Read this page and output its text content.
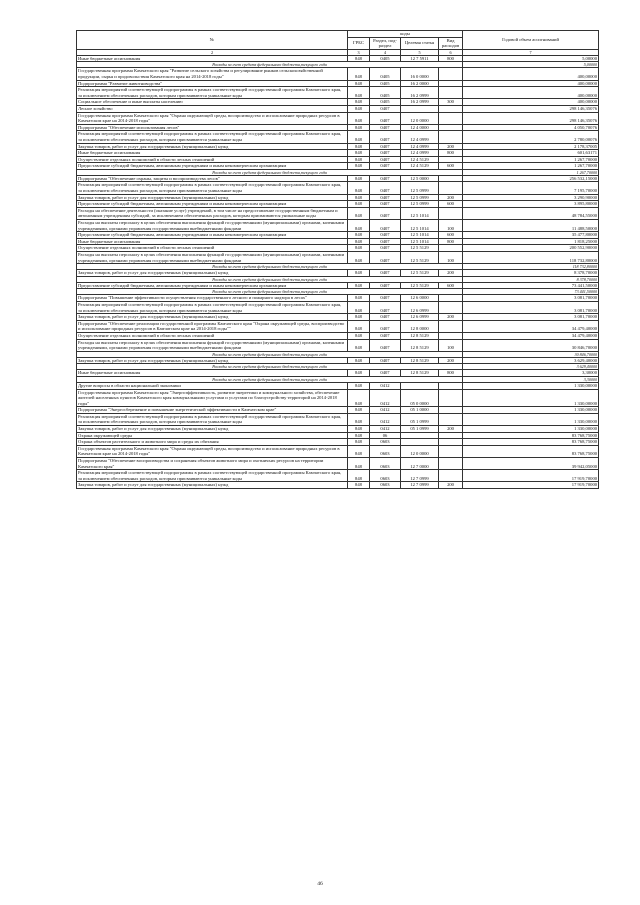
№	коды				Годовой объем ассигнований
	ГРБС	Раздел, под-раздел	Целевая статья	Вид расходов	
2	3	4	5	6	7
Иные бюджетные ассигнования	848	0405	12 7 5911	800	5,00000
Расходы за счет средств федерального бюджета,текущего года					5,00000
Государственная программа Камчатского края "Развитие сельского хозяйства и регулирование рынков сельскохозяйственной продукции, сырья и продовольствия Камчатского края на 2014-2018 годы"	848	0405	16 0 0000		400,00000
Подпрограмма "Развитие животноводства"	848	0405	16 2 0000		400,00000
Реализация мероприятий соответствующей подпрограммы в рамках соответствующей государственной программы Камчатского края, за исключением обеспеченных расходов, которым присваиваются уникальные коды	848	0405	16 2 0999		400,00000
Социальное обеспечение и иные выплаты населению	848	0405	16 2 0999	300	400,00000
Лесное хозяйство	848	0407			298 146,35076
Государственная программа Камчатского края "Охрана окружающей среды, воспроизводство и использование природных ресурсов в Камчатском крае на 2014-2018 годы"	848	0407	12 0 0000		298 146,35076
Подпрограмма "Обеспечение использования лесов"	848	0407	12 4 0000		4 050,70076
Реализация мероприятий соответствующей подпрограммы в рамках соответствующей государственной программы Камчатского края, за исключением обеспеченных расходов, которым присваиваются уникальные коды	848	0407	12 4 0999		2 780,00076
Закупка товаров, работ и услуг для государственных (муниципальных) нужд	848	0407	12 4 0999	200	2 178,37005
Иные бюджетные ассигнования	848	0407	12 4 0999	800	601,63171
Осуществление отдельных полномочий в области лесных отношений	848	0407	12 4 5129		1 267,70000
Предоставление субсидий бюджетным, автономным учреждениям и иным некоммерческим организациям	848	0407	12 4 5129	600	1 267,70000
Расходы за счет средств федерального бюджета,текущего года					1 267,70000
Подпрограмма "Обеспечение охраны, защиты и воспроизводства лесов"	848	0407	12 5 0000		256 532,15000
Реализация мероприятий соответствующей подпрограммы в рамках соответствующей государственной программы Камчатского края, за исключением обеспеченных расходов, которым присваиваются уникальные коды	848	0407	12 5 0999		7 195,70000
Закупка товаров, работ и услуг для государственных (муниципальных) нужд	848	0407	12 5 0999	200	3 290,90000
Предоставление субсидий бюджетным, автономным учреждениям и иным некоммерческим организациям	848	0407	12 5 0999	600	3 895,80000
Расходы на обеспечение деятельности (оказание услуг) учреждений, в том числе на предоставление государственным бюджетным и автономным учреждениям субсидий, за исключением обеспеченных расходов, которым присваиваются уникальные коды	848	0407	12 5 1014		48 784,55000
Расходы на выплаты персоналу в целях обеспечения выполнения функций государственными (муниципальными) органами, казенными учреждениями, органами управления государственными внебюджетными фондами	848	0407	12 5 1014	100	11 488,50000
Предоставление субсидий бюджетным, автономным учреждениям и иным некоммерческим организациям	848	0407	12 5 1014	600	35 477,80000
Иные бюджетные ассигнования	848	0407	12 5 1014	800	1 818,25000
Осуществление отдельных полномочий в области лесных отношений	848	0407	12 5 5129		200 552,90000
Расходы на выплаты персоналу в целях обеспечения выполнения функций государственными (муниципальными) органами, казенными учреждениями, органами управления государственными внебюджетными фондами	848	0407	12 5 5129	100	118 732,80000
Расходы за счет средств федерального бюджета,текущего года					118 732,80000
Закупка товаров, работ и услуг для государственных (муниципальных) нужд	848	0407	12 5 5129	200	8 378,70000
Расходы за счет средств федерального бюджета,текущего года					8 378,70000
Предоставление субсидий бюджетным, автономным учреждениям и иным некоммерческим организациям	848	0407	12 5 5129	600	73 441,50000
Расходы за счет средств федерального бюджета,текущего года					73 441,50000
Подпрограмма "Повышение эффективности осуществления государственного лесного и пожарного надзора в лесах"	848	0407	12 6 0000		3 081,70000
Реализация мероприятий соответствующей подпрограммы в рамках соответствующей государственной программы Камчатского края, за исключением обеспеченных расходов, которым присваиваются уникальные коды	848	0407	12 6 0999		3 081,70000
Закупка товаров, работ и услуг для государственных (муниципальных) нужд	848	0407	12 6 0999	200	3 081,70000
Подпрограмма "Обеспечение реализации государственной программы Камчатского края "Охрана окружающей среды, воспроизводство и использование природных ресурсов в Камчатском крае на 2014-2018 годы""	848	0407	12 8 0000		34 479,40000
Осуществление отдельных полномочий в области лесных отношений	848	0407	12 8 5129		34 479,40000
Расходы на выплаты персоналу в целях обеспечения выполнения функций государственными (муниципальными) органами, казенными учреждениями, органами управления государственными внебюджетными фондами	848	0407	12 8 5129	100	30 846,70000
Расходы за счет средств федерального бюджета,текущего года					30 846,70000
Закупка товаров, работ и услуг для государственных (муниципальных) нужд	848	0407	12 8 5129	200	3 629,40000
Расходы за счет средств федерального бюджета,текущего года					3 629,40000
Иные бюджетные ассигнования	848	0407	12 8 5129	800	3,30000
Расходы за счет средств федерального бюджета,текущего года					3,30000
Другие вопросы в области национальной экономики	848	0412			1 330,00000
Государственная программа Камчатского края "Энергоэффективность, развитие энергетики и коммунального хозяйства, обеспечение жителей населенных пунктов Камчатского края коммунальными услугами и услугами по благоустройству территорий на 2014-2018 годы"	848	0412	05 0 0000		1 330,00000
Подпрограмма "Энергосбережение и повышение энергетической эффективности в Камчатском крае"	848	0412	05 1 0000		1 330,00000
Реализация мероприятий соответствующей подпрограммы в рамках соответствующей государственной программы Камчатского края, за исключением обеспеченных расходов, которым присваиваются уникальные коды	848	0412	05 1 0999		1 330,00000
Закупка товаров, работ и услуг для государственных (муниципальных) нужд	848	0412	05 1 0999	200	1 330,00000
Охрана окружающей среды	848	06			83 768,75000
Охрана объектов растительного и животного мира и среды их обитания	848	0603			83 768,75000
Государственная программа Камчатского края "Охрана окружающей среды, воспроизводство и использование природных ресурсов в Камчатском крае на 2014-2018 годы"	848	0603	12 0 0000		83 768,75000
Подпрограмма "Обеспечение воспроизводства и сохранения объектов животного мира и охотничьих ресурсов на территории Камчатского края"	848	0603	12 7 0000		39 942,05000
Реализация мероприятий соответствующей подпрограммы в рамках соответствующей государственной программы Камчатского края, за исключением обеспеченных расходов, которым присваиваются уникальные коды	848	0603	12 7 0999		17 919,70000
Закупка товаров, работ и услуг для государственных (муниципальных) нужд	848	0603	12 7 0999	200	17 919,70000
46
